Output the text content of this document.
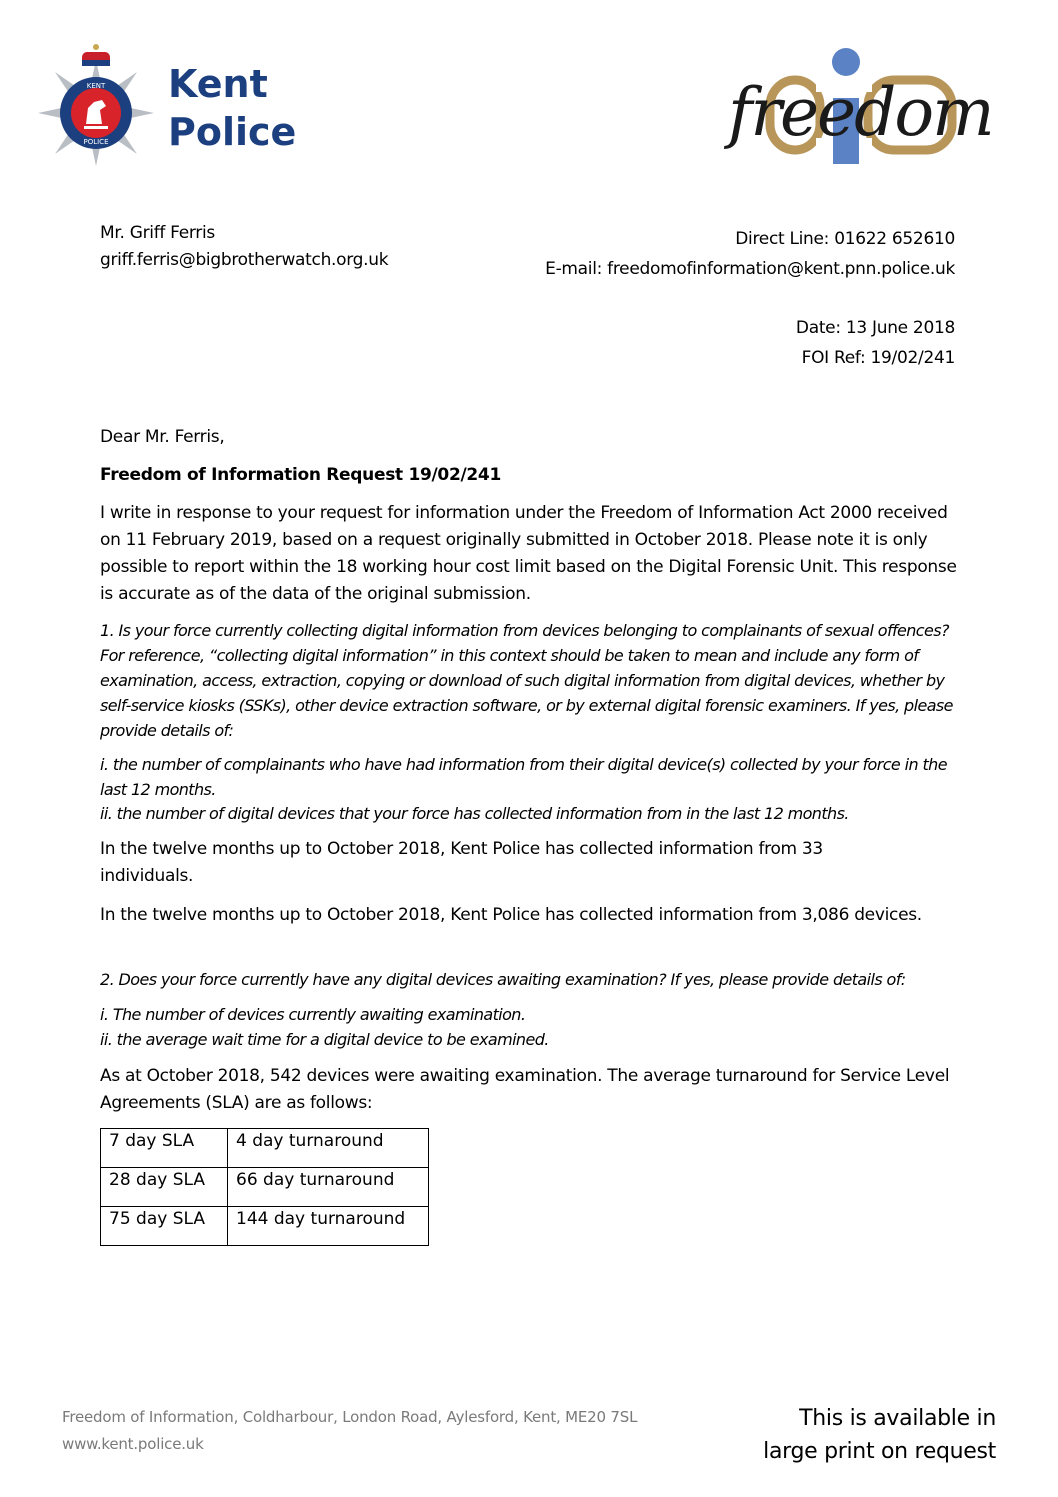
KENT
POLICE
Kent
Police	freedom
Mr. Griff Ferris
griff.ferris@bigbrotherwatch.org.uk
Direct Line: 01622 652610
E-mail: freedomofinformation@kent.pnn.police.uk
Date: 13 June 2018
FOI Ref: 19/02/241
Dear Mr. Ferris,
Freedom of Information Request 19/02/241
I write in response to your request for information under the Freedom of Information Act 2000 received on 11 February 2019, based on a request originally submitted in October 2018. Please note it is only possible to report within the 18 working hour cost limit based on the Digital Forensic Unit. This response is accurate as of the data of the original submission.
1. Is your force currently collecting digital information from devices belonging to complainants of sexual offences? For reference, “collecting digital information” in this context should be taken to mean and include any form of examination, access, extraction, copying or download of such digital information from digital devices, whether by self-service kiosks (SSKs), other device extraction software, or by external digital forensic examiners. If yes, please provide details of:
i. the number of complainants who have had information from their digital device(s) collected by your force in the last 12 months.
ii. the number of digital devices that your force has collected information from in the last 12 months.
In the twelve months up to October 2018, Kent Police has collected information from 33 individuals.
In the twelve months up to October 2018, Kent Police has collected information from 3,086 devices.
2. Does your force currently have any digital devices awaiting examination? If yes, please provide details of:
i. The number of devices currently awaiting examination.
ii. the average wait time for a digital device to be examined.
As at October 2018, 542 devices were awaiting examination. The average turnaround for Service Level Agreements (SLA) are as follows:
7 day SLA	4 day turnaround
28 day SLA	66 day turnaround
75 day SLA	144 day turnaround
Freedom of Information, Coldharbour, London Road, Aylesford, Kent, ME20 7SL
www.kent.police.uk
This is available in
large print on request
